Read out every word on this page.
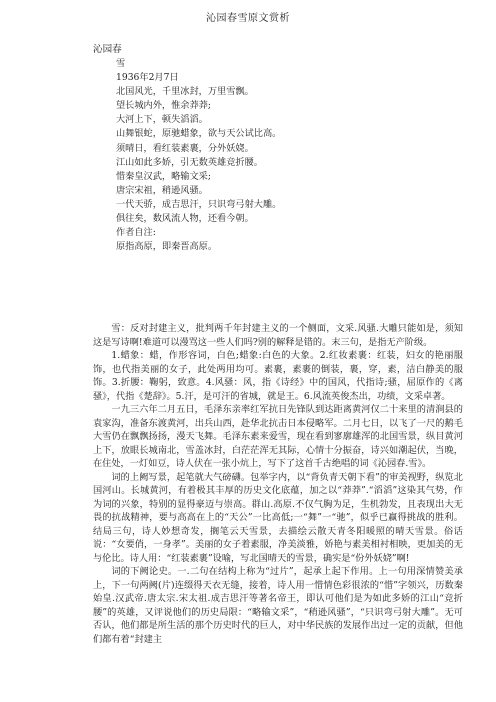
沁园春雪原文赏析
沁园春
雪
1936年2月7日
北国风光，千里冰封，万里雪飘。
望长城内外，惟余莽莽;
大河上下，顿失滔滔。
山舞银蛇，原驰蜡象，欲与天公试比高。
须晴日，看红装素裹，分外妖娆。
江山如此多娇，引无数英雄竞折腰。
惜秦皇汉武，略输文采;
唐宗宋祖，稍逊风骚。
一代天骄，成吉思汗，只识弯弓射大雕。
俱往矣，数风流人物，还看今朝。
作者自注:
原指高原，即秦晋高原。

雪：反对封建主义，批判两千年封建主义的一个侧面，文采.风骚.大雕只能如是，须知这是写诗啊!难道可以漫骂这一些人们吗?别的解释是错的。末三句，是指无产阶级。

1.蜡象：蜡，作形容词，白色;蜡象:白色的大象。2.红妆素裹：红装，妇女的艳丽服饰，也代指美丽的女子，此处两用均可。素裹，素裹的倒装，裹，穿，素，洁白静美的服饰。3.折腰：鞠躬，致意。4.风骚：风，指《诗经》中的国风，代指诗;骚，屈原作的《离骚》，代指《楚辞》。5.汗，是可汗的省城，就是王。6.风流英俊杰出，功绩，文采卓著。

一九三六年二月五日，毛泽东亲率红军抗日先锋队到达距离黄河仅二十来里的清涧县的袁家沟，准备东渡黄河，出兵山西，赴华北抗击日本侵略军。二月七日，以飞了一尺的鹅毛大雪仍在飘飘扬扬，漫天飞舞。毛泽东素来爱雪，现在看到寥廓雄浑的北国雪景，纵目黄河上下，放眼长城南北，雪盖冰封，白茫茫浑无其际，心情十分振奋，诗兴如潮起伏，当晚，在住处，一灯如豆，诗人伏在一张小炕上，写下了这首千古绝唱的词《沁园春.雪》。

词的上阙写景，起笔就大气磅礴。包举字内，以“背负青天朝下看”的审美视野，纵览北国河山。长城黄河，有着极其丰厚的历史文化底蕴，加之以“莽莽”.“滔滔”这染其气势，作为词的兴象，特别的显得豪迈与崇高。群山.高原.不仅气胸为足，生机勃发，且表现出大无畏的抗战精神，要与高高在上的“天公”一比高低;一“舞”一“驰”，似乎已赢得挑战的胜利。结局三句，诗人妙想奇发，搁笔云天雪景，去描绘云散天青冬阳暖照的晴天雪景。俗话说：“女要俏，一身孝”。美丽的女子着素服，净美淡雅，娇艳与素美相衬相映，更加美的无与伦比。诗人用：“红装素裹”设喻，写北国晴天的雪景，确实是“份外妖娆”啊!

词的下阙论史。一.二句在结构上称为“过片”，起承上起下作用。上一句用深情赞美承上，下一句两阙(片)连缀得天衣无缝，接着，诗人用一惜情色彩很浓的“惜”字领兴，历数秦始皇.汉武帝.唐太宗.宋太祖.成吉思汗等著名帝王，即认可他们是为如此多娇的江山“竞折腰”的英雄，又评说他们的历史局限：“略输文采”，“稍逊风骚”，“只识弯弓射大雕”。无可否认，他们都是所生活的那个历史时代的巨人，对中华民族的发展作出过一定的贡献，但他们都有着“封建主
